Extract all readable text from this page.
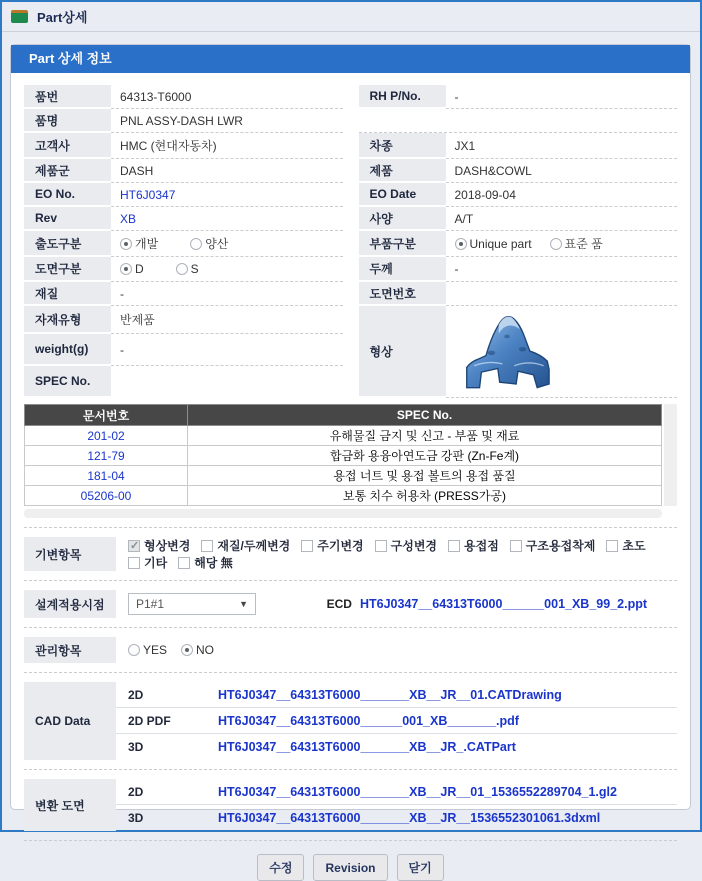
Part상세
Part 상세 정보
품번	64313-T6000
품명	PNL ASSY-DASH LWR
고객사	HMC (현대자동차)
제품군	DASH
EO No.	HT6J0347
Rev	XB
출도구분	개발	양산
도면구분	D	S
재질	-
자재유형	반제품
weight(g)	-
SPEC No.
RH P/No.	-
차종	JX1
제품	DASH&COWL
EO Date	2018-09-04
사양	A/T
부품구분	Unique part	표준 품
두께	-
도면번호
형상
문서번호	SPEC No.
201-02	유해물질 금지 및 신고 - 부품 및 재료
121-79	합금화 용융아연도금 강판 (Zn-Fe계)
181-04	용접 너트 및 용접 볼트의 용접 품질
05206-00	보통 치수 허용차 (PRESS가공)
기변항목
✓
형상변경 재질/두께변경 주기변경 구성변경 용접점 구조용접착제 초도
기타 해당 無
설계적용시점	P1#1	▼	ECD HT6J0347__64313T6000______001_XB_99_2.ppt
관리항목	YES NO
CAD Data
2D	HT6J0347__64313T6000_______XB__JR__01.CATDrawing
2D PDF	HT6J0347__64313T6000______001_XB_______.pdf
3D	HT6J0347__64313T6000_______XB__JR_.CATPart
변환 도면
2D	HT6J0347__64313T6000_______XB__JR__01_1536552289704_1.gl2
3D	HT6J0347__64313T6000_______XB__JR__1536552301061.3dxml
수정	Revision	닫기
